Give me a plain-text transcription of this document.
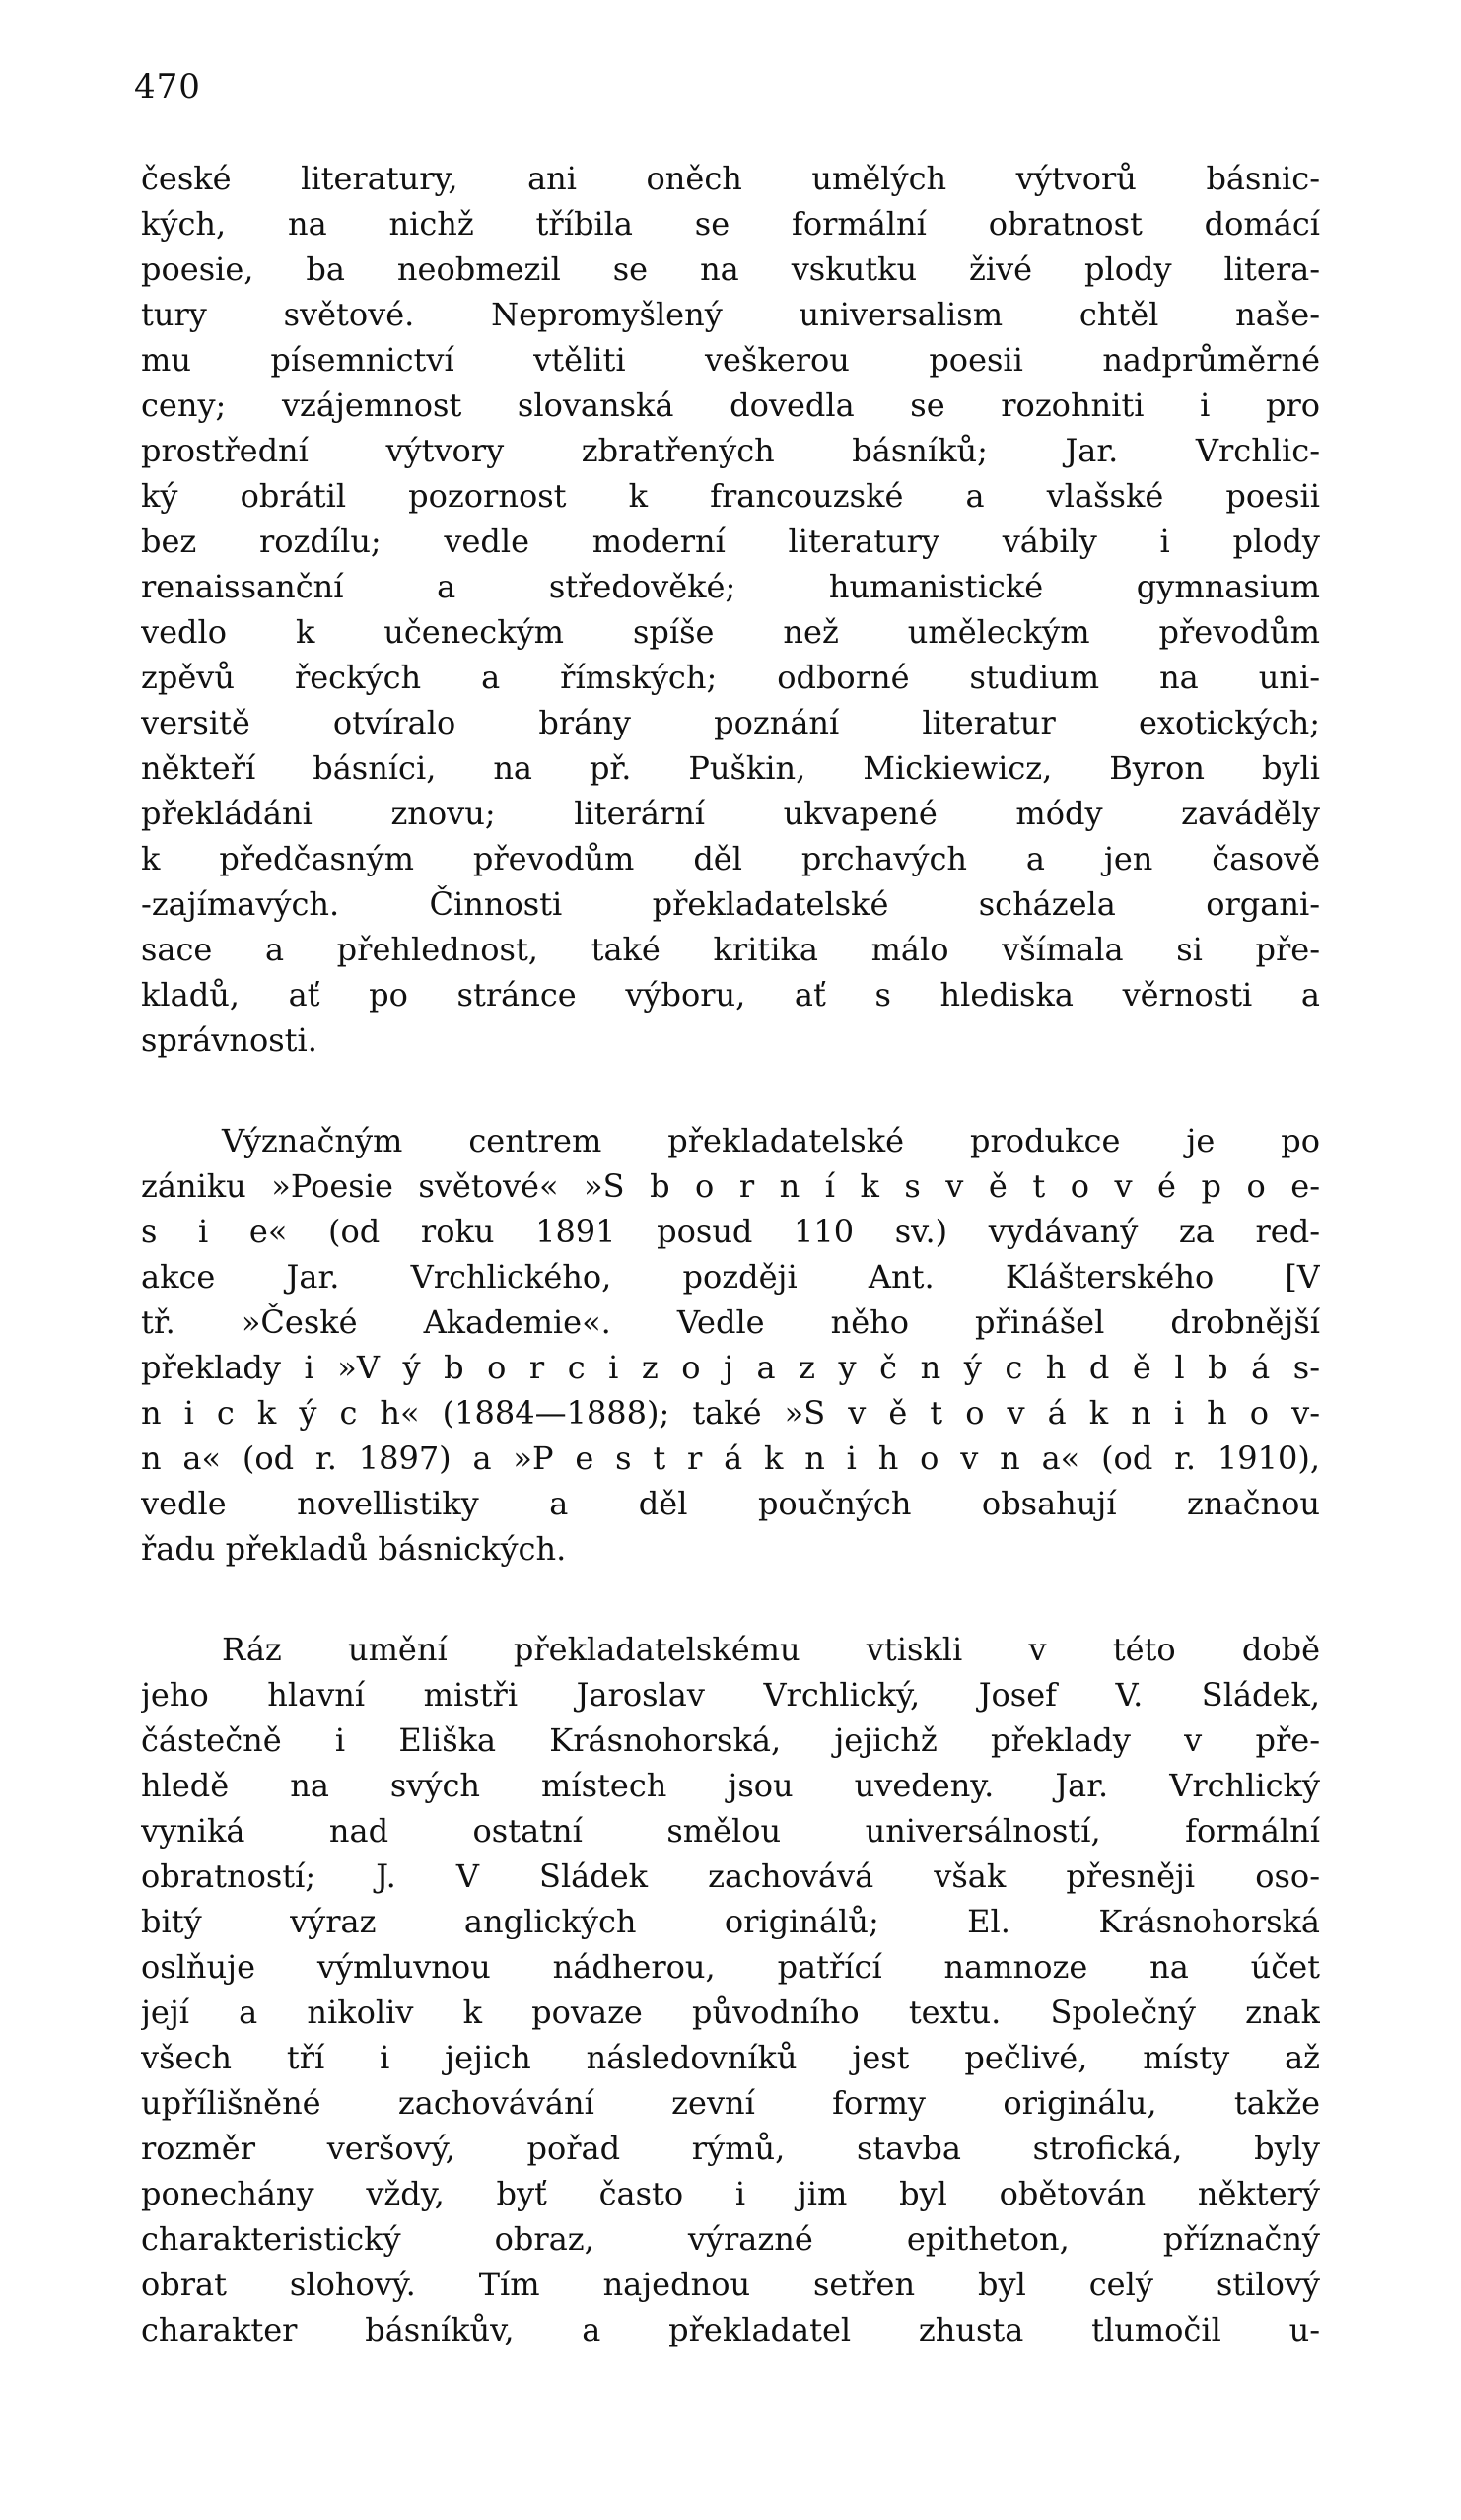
470
české literatury, ani oněch umělých výtvorů básnic-
kých, na nichž tříbila se formální obratnost domácí
poesie, ba neobmezil se na vskutku živé plody litera-
tury světové. Nepromyšlený universalism chtěl naše-
mu písemnictví vtěliti veškerou poesii nadprůměrné
ceny; vzájemnost slovanská dovedla se rozohniti i pro
prostřední výtvory zbratřených básníků; Jar. Vrchlic-
ký obrátil pozornost k francouzské a vlašské poesii
bez rozdílu; vedle moderní literatury vábily i plody
renaissanční a středověké; humanistické gymnasium
vedlo k učeneckým spíše než uměleckým převodům
zpěvů řeckých a římských; odborné studium na uni-
versitě otvíralo brány poznání literatur exotických;
někteří básníci, na př. Puškin, Mickiewicz, Byron byli
překládáni znovu; literární ukvapené módy zaváděly
k předčasným převodům děl prchavých a jen časově
-zajímavých. Činnosti překladatelské scházela organi-
sace a přehlednost, také kritika málo všímala si pře-
kladů, ať po stránce výboru, ať s hlediska věrnosti a
správnosti.
Význačným centrem překladatelské produkce je po
zániku »Poesie světové« »S b o r n í k s v ě t o v é p o e-
s i e« (od roku 1891 posud 110 sv.) vydávaný za red-
akce Jar. Vrchlického, později Ant. Klášterského [V
tř. »České Akademie«. Vedle něho přinášel drobnější
překlady i »V ý b o r c i z o j a z y č n ý c h d ě l b á s-
n i c k ý c h« (1884—1888); také »S v ě t o v á k n i h o v-
n a« (od r. 1897) a »P e s t r á k n i h o v n a« (od r. 1910),
vedle novellistiky a děl poučných obsahují značnou
řadu překladů básnických.
Ráz umění překladatelskému vtiskli v této době
jeho hlavní mistři Jaroslav Vrchlický, Josef V. Sládek,
částečně i Eliška Krásnohorská, jejichž překlady v pře-
hledě na svých místech jsou uvedeny. Jar. Vrchlický
vyniká nad ostatní smělou universálností, formální
obratností; J. V Sládek zachovává však přesněji oso-
bitý výraz anglických originálů; El. Krásnohorská
oslňuje výmluvnou nádherou, patřící namnoze na účet
její a nikoliv k povaze původního textu. Společný znak
všech tří i jejich následovníků jest pečlivé, místy až
upřílišněné zachovávání zevní formy originálu, takže
rozměr veršový, pořad rýmů, stavba strofická, byly
ponechány vždy, byť často i jim byl obětován některý
charakteristický obraz, výrazné epitheton, příznačný
obrat slohový. Tím najednou setřen byl celý stilový
charakter básníkův, a překladatel zhusta tlumočil u-
